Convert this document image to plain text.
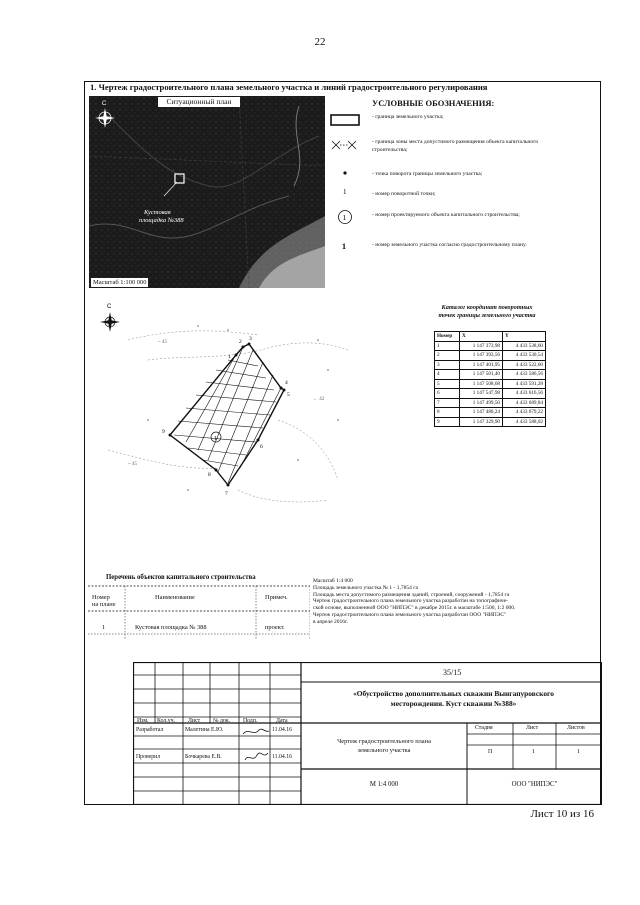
22
1. Чертеж градостроительного плана земельного участка и линий градостроительного регулирования
С
Кустовая
площадка №388
Ситуационный план
Масштаб 1:100 000
УСЛОВНЫЕ ОБОЗНАЧЕНИЯ:
1
1
1
- граница земельного участка;
- граница зоны места допустимого размещения объекта капитального строительства;
- точка поворота границы земельного участка;
- номер поворотной точки;
- номер проектируемого объекта капитального строительства;
- номер земельного участка согласно градостроительному плану.
С
~ 45
~ 45
← 42
1
1
2 3
4
5
6
7
8
9
Каталог координат поворотных
точек границы земельного участка
Номер	X	Y
1	1 147 373,98	4 433 538,60
2	1 147 393,56	4 433 530,54
3	1 147 401,95	4 433 522,60
4	1 147 501,40	4 433 586,56
5	1 147 508,68	4 433 591,28
6	1 147 547,98	4 433 616,56
7	1 147 499,50	4 433 689,84
8	1 147 480,24	4 433 679,22
9	1 147 329,90	4 433 588,02
Перечень объектов капитального строительства
Номер
на плане
Наименование	Примеч.
1	Кустовая площадка № 388	проект.
Масштаб 1:4 000
Площадь земельного участка № 1 - 1,7854 га
Площадь места допустимого размещения зданий, строений, сооружений - 1,7854 га
Чертеж градостроительного плана земельного участка разработан на топографиче-
ской основе, выполненной ООО "НИПЭС" в декабре 2015г. в масштабе 1:500, 1:2 000.
Чертеж градостроительного плана земельного участка разработан ООО "НИПЭС"
в апреле 2016г.
35/15
«Обустройство дополнительных скважин Вынгапуровского
месторождения. Куст скважин №388»
Изм. Кол.уч. Лист № док. Подп.	Дата
Разработал	Малетина Е.Ю.	11.04.16
Проверил	Бочкарева Е.В.	11.04.16
Чертеж градостроительного плана
земельного участка
Стадия	Лист	Листов
П	1	1
М 1:4 000	ООО "НИПЭС"
Лист 10 из 16
